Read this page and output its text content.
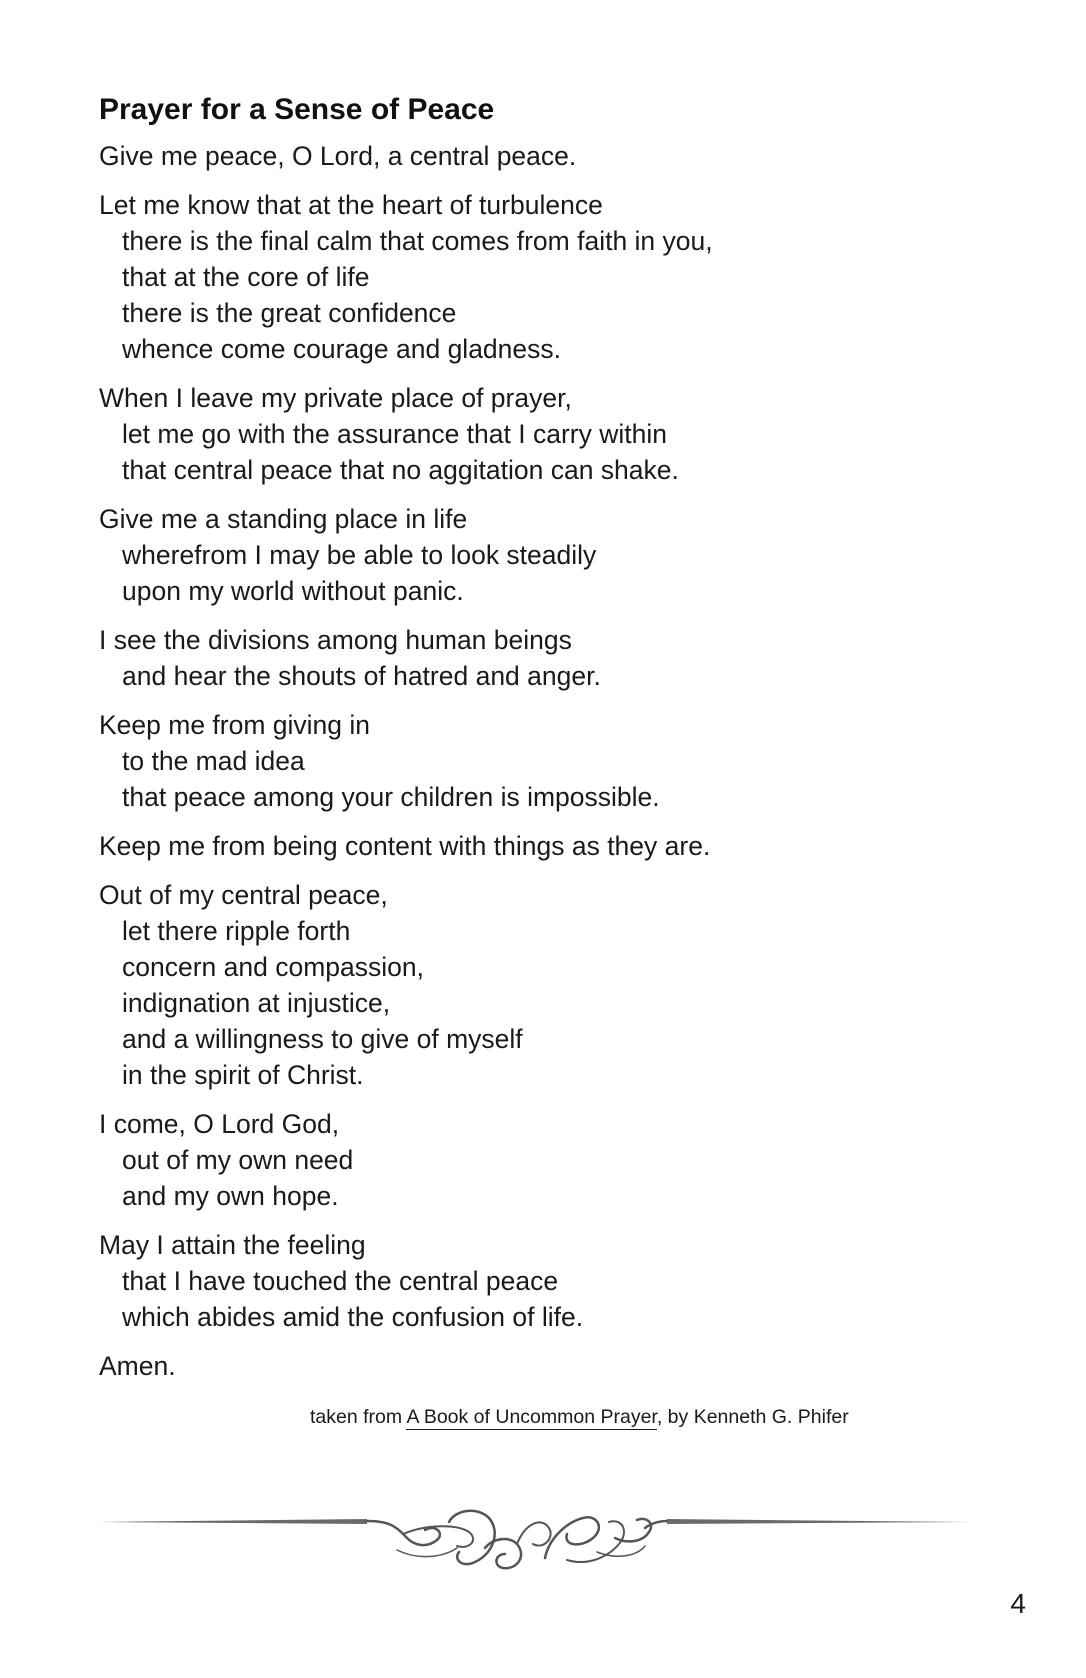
Prayer for a Sense of Peace
Give me peace, O Lord, a central peace.
Let me know that at the heart of turbulence
there is the final calm that comes from faith in you,
that at the core of life
there is the great confidence
whence come courage and gladness.
When I leave my private place of prayer,
let me go with the assurance that I carry within
that central peace that no aggitation can shake.
Give me a standing place in life
wherefrom I may be able to look steadily
upon my world without panic.
I see the divisions among human beings
and hear the shouts of hatred and anger.
Keep me from giving in
to the mad idea
that peace among your children is impossible.
Keep me from being content with things as they are.
Out of my central peace,
let there ripple forth
concern and compassion,
indignation at injustice,
and a willingness to give of myself
in the spirit of Christ.
I come, O Lord God,
out of my own need
and my own hope.
May I attain the feeling
that I have touched the central peace
which abides amid the confusion of life.
Amen.
taken from A Book of Uncommon Prayer, by Kenneth G. Phifer
4
